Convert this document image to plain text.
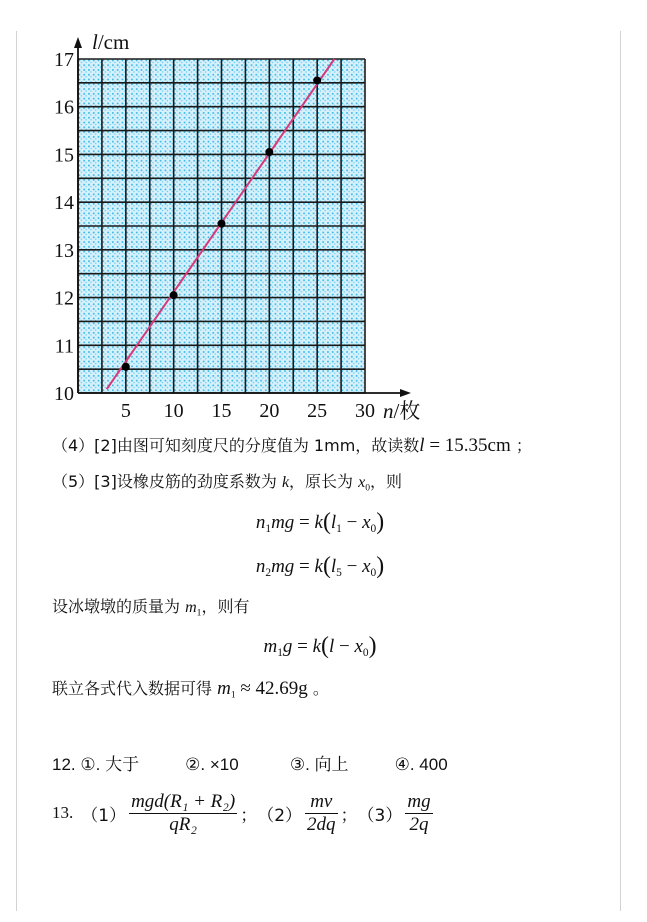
5 10 15 20 25 30
10
11
12
13
14
15
16
17
n/枚
l/cm
（4）[2]由图可知刻度尺的分度值为 1mm，故读数l = 15.35cm ；
（5）[3]设橡皮筋的劲度系数为 k，原长为 $x_0$，则
$n_1mg = k(l_1 - x_0)$
$n_2mg = k(l_5 - x_0)$
设冰墩墩的质量为 $m_1$，则有
$m_1g = k(l - x_0)$
联立各式代入数据可得 $m_1 \approx 42.69g$ 。
12. ①. 大于	②. ×10	③. 向上	④. 400
13. $(1) \frac{\text{mgd(R₁ + R₂)}}{\text{qR₂}}$ ； $(2) \frac{mv}{2dq}$ ； $(3) \frac{mg}{2q}$
